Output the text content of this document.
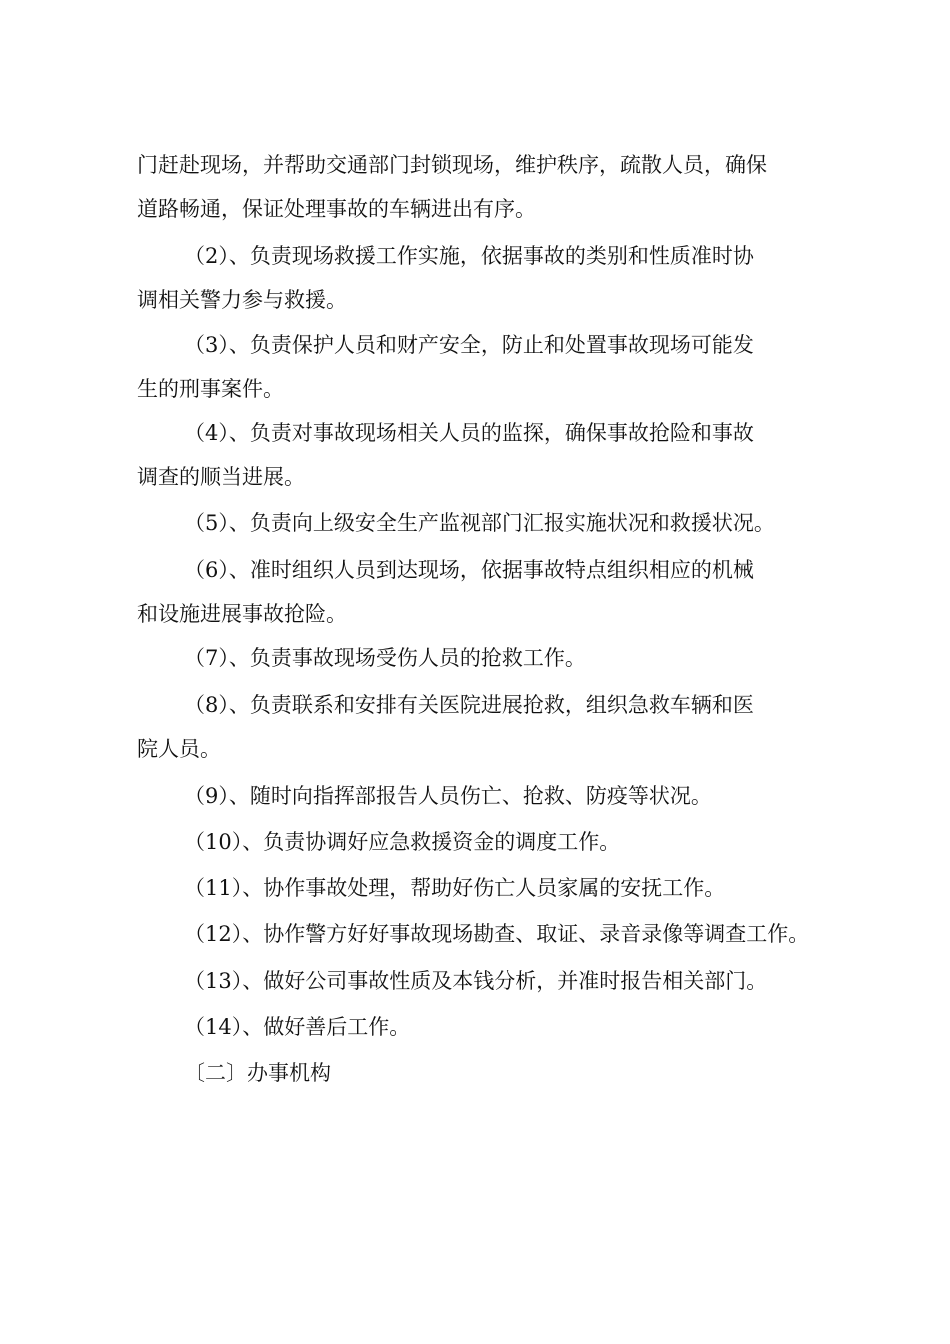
门赶赴现场，并帮助交通部门封锁现场，维护秩序，疏散人员，确保
道路畅通，保证处理事故的车辆进出有序。
（2）、负责现场救援工作实施，依据事故的类别和性质准时协
调相关警力参与救援。
（3）、负责保护人员和财产安全，防止和处置事故现场可能发
生的刑事案件。
（4）、负责对事故现场相关人员的监探，确保事故抢险和事故
调查的顺当进展。
（5）、负责向上级安全生产监视部门汇报实施状况和救援状况。
（6）、准时组织人员到达现场，依据事故特点组织相应的机械
和设施进展事故抢险。
（7）、负责事故现场受伤人员的抢救工作。
（8）、负责联系和安排有关医院进展抢救，组织急救车辆和医
院人员。
（9）、随时向指挥部报告人员伤亡、抢救、防疫等状况。
（10）、负责协调好应急救援资金的调度工作。
（11）、协作事故处理，帮助好伤亡人员家属的安抚工作。
（12）、协作警方好好事故现场勘查、取证、录音录像等调查工作。
（13）、做好公司事故性质及本钱分析，并准时报告相关部门。
（14）、做好善后工作。
〔二〕办事机构
